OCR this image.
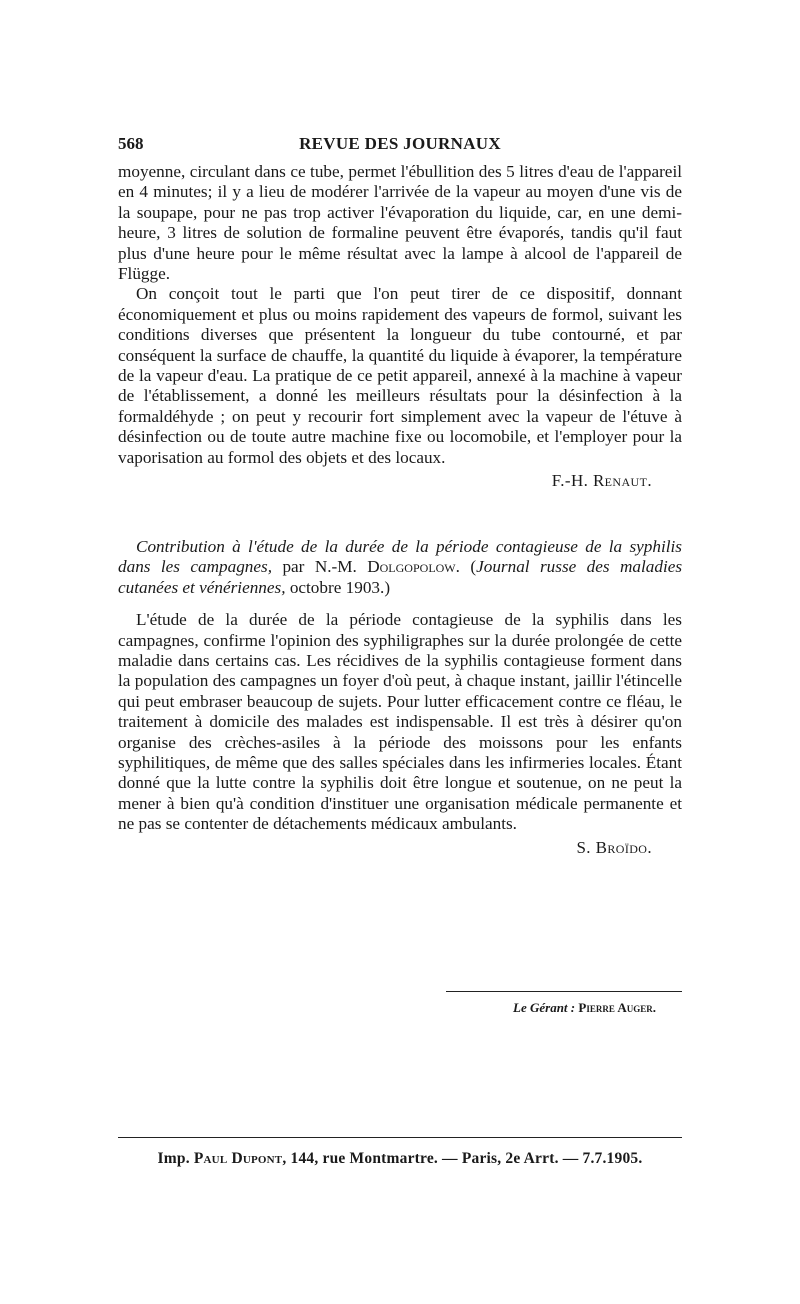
568	REVUE DES JOURNAUX

moyenne, circulant dans ce tube, permet l'ébullition des 5 litres d'eau de l'appareil en 4 minutes; il y a lieu de modérer l'arrivée de la vapeur au moyen d'une vis de la soupape, pour ne pas trop activer l'évaporation du liquide, car, en une demi-heure, 3 litres de solution de formaline peuvent être évaporés, tandis qu'il faut plus d'une heure pour le même résultat avec la lampe à alcool de l'appareil de Flügge.

On conçoit tout le parti que l'on peut tirer de ce dispositif, donnant économiquement et plus ou moins rapidement des vapeurs de formol, suivant les conditions diverses que présentent la longueur du tube contourné, et par conséquent la surface de chauffe, la quantité du liquide à évaporer, la température de la vapeur d'eau. La pratique de ce petit appareil, annexé à la machine à vapeur de l'établissement, a donné les meilleurs résultats pour la désinfection à la formaldéhyde ; on peut y recourir fort simplement avec la vapeur de l'étuve à désinfection ou de toute autre machine fixe ou locomobile, et l'employer pour la vaporisation au formol des objets et des locaux.

F.-H. Renaut.

Contribution à l'étude de la durée de la période contagieuse de la syphilis dans les campagnes, par N.-M. Dolgopolow. (Journal russe des maladies cutanées et vénériennes, octobre 1903.)

L'étude de la durée de la période contagieuse de la syphilis dans les campagnes, confirme l'opinion des syphiligraphes sur la durée prolongée de cette maladie dans certains cas. Les récidives de la syphilis contagieuse forment dans la population des campagnes un foyer d'où peut, à chaque instant, jaillir l'étincelle qui peut embraser beaucoup de sujets. Pour lutter efficacement contre ce fléau, le traitement à domicile des malades est indispensable. Il est très à désirer qu'on organise des crèches-asiles à la période des moissons pour les enfants syphilitiques, de même que des salles spéciales dans les infirmeries locales. Étant donné que la lutte contre la syphilis doit être longue et soutenue, on ne peut la mener à bien qu'à condition d'instituer une organisation médicale permanente et ne pas se contenter de détachements médicaux ambulants.

S. Broïdo.

Le Gérant : Pierre Auger.
Imp. Paul Dupont, 144, rue Montmartre. — Paris, 2e Arrt. — 7.7.1905.
